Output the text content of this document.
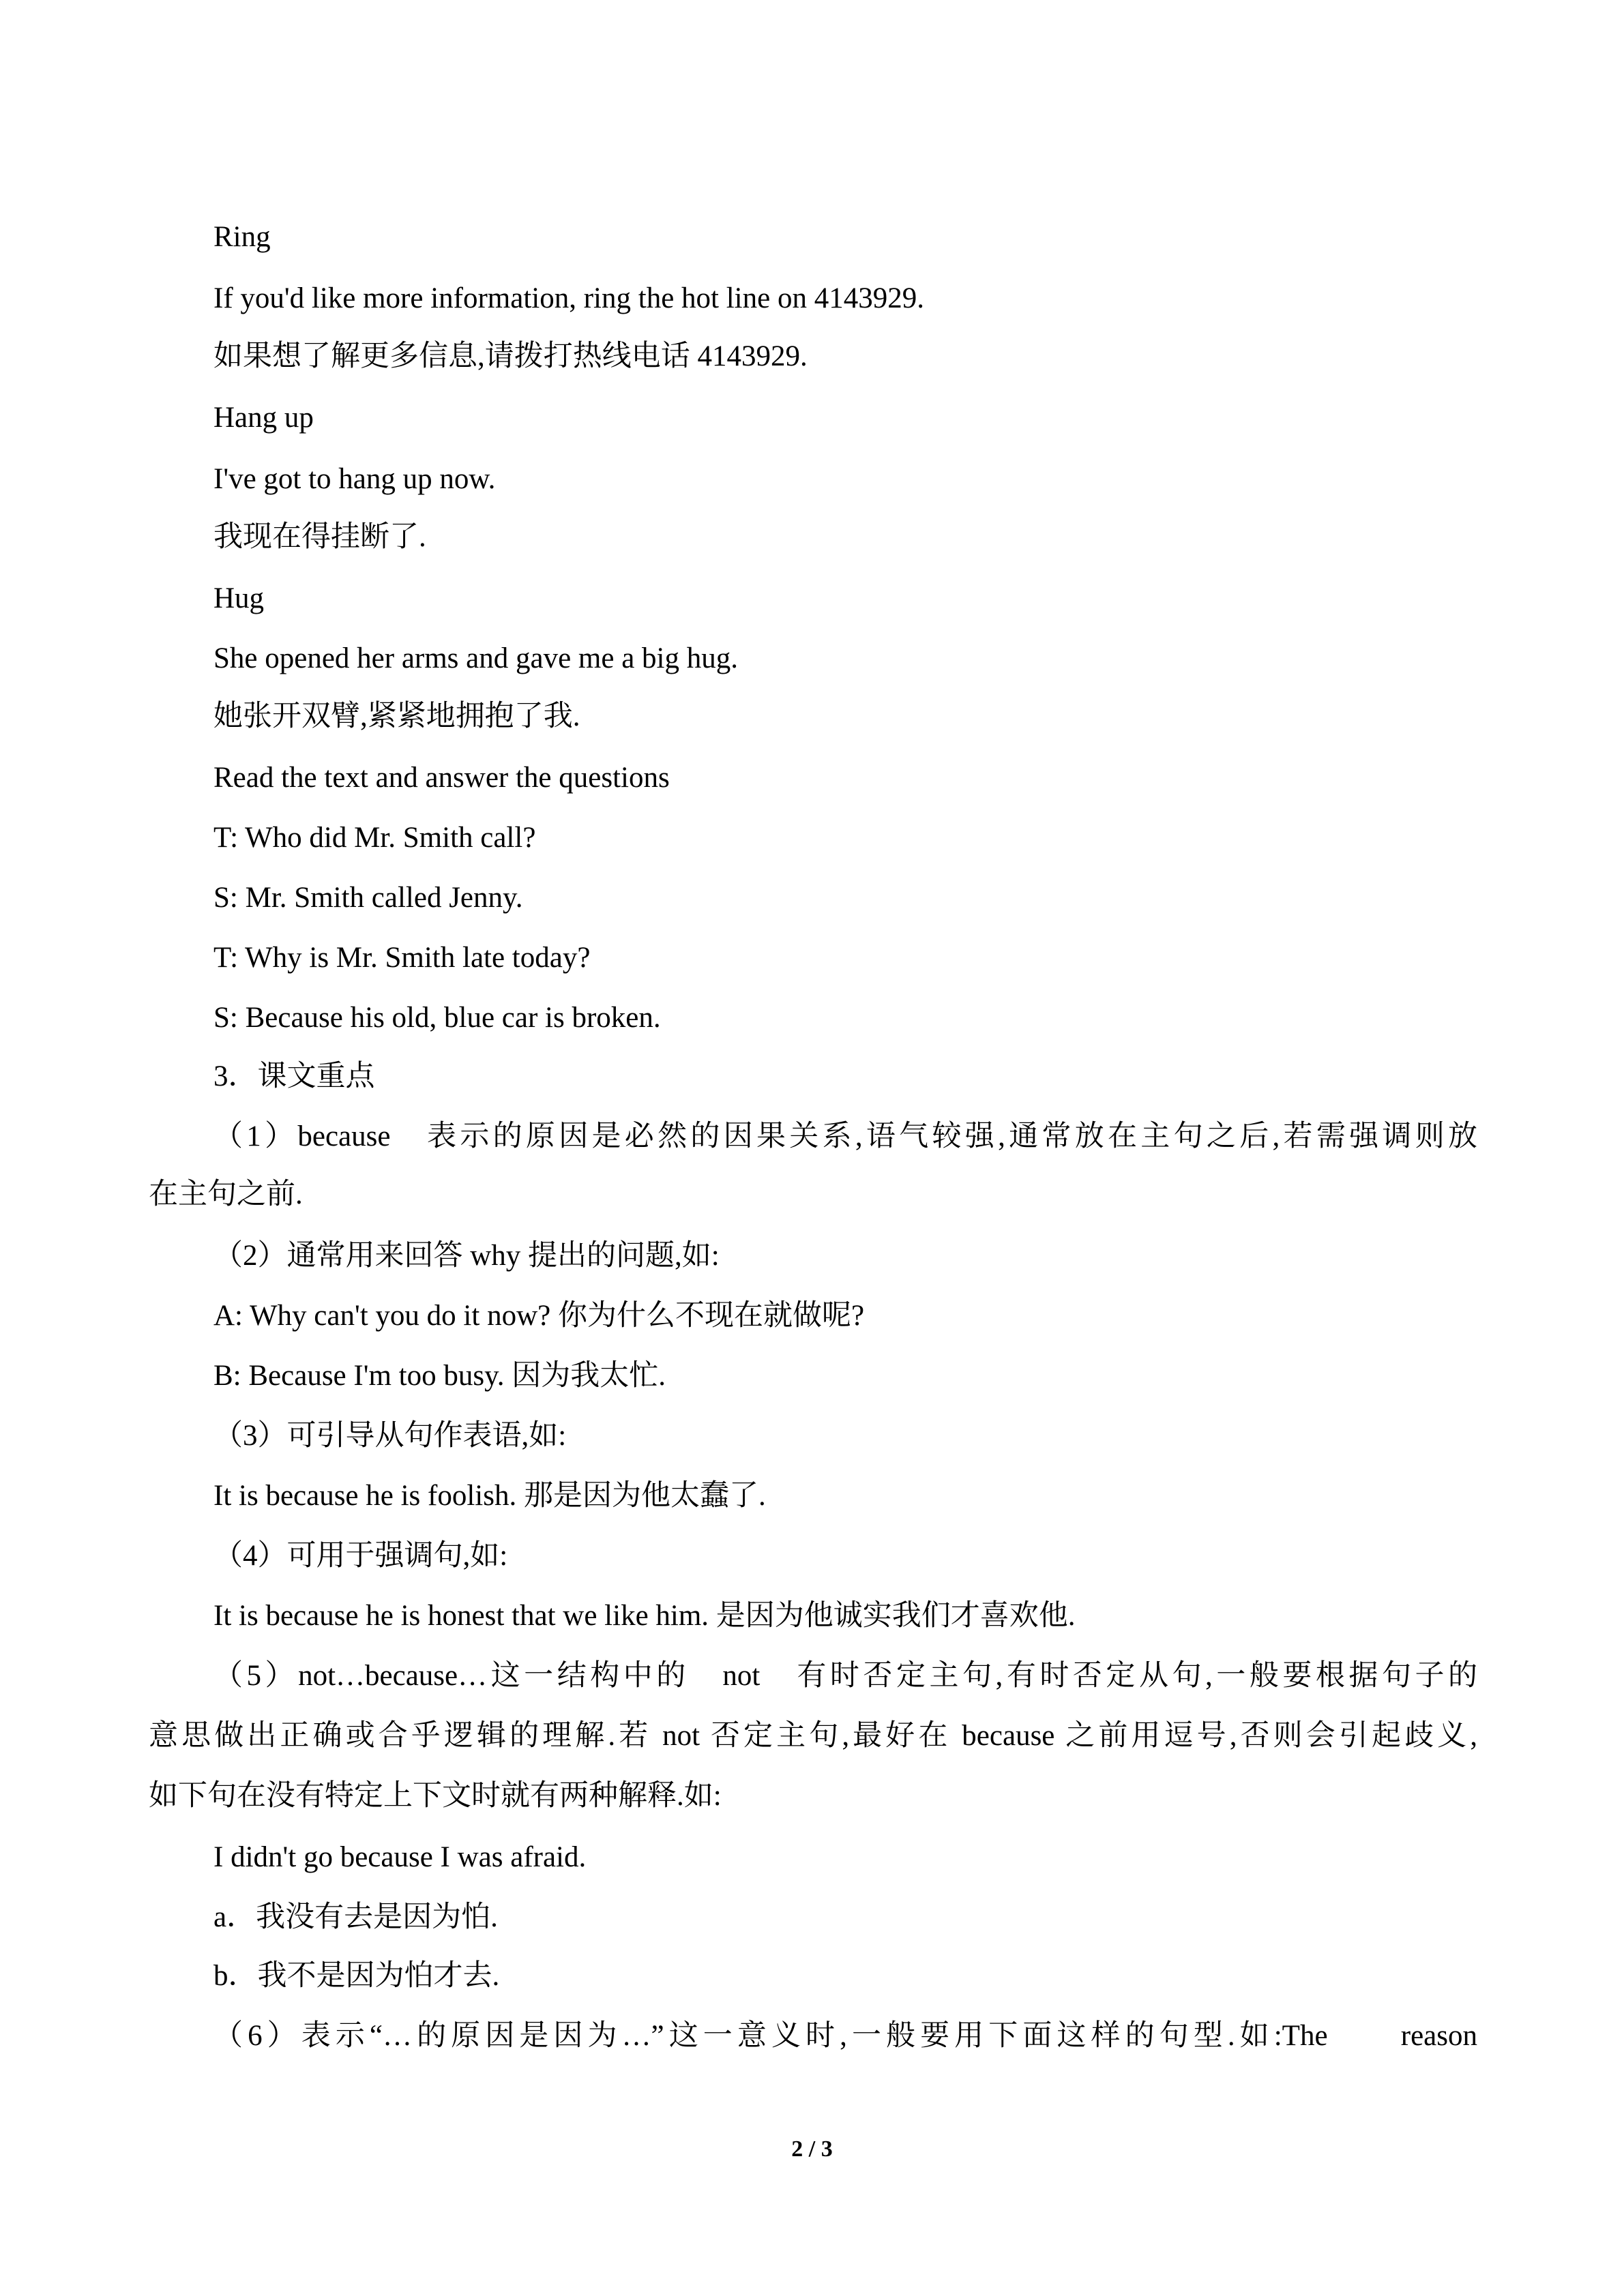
Ring
If you'd like more information, ring the hot line on 4143929.
如果想了解更多信息,请拨打热线电话 4143929.
Hang up
I've got to hang up now.
我现在得挂断了.
Hug
She opened her arms and gave me a big hug.
她张开双臂,紧紧地拥抱了我.
Read the text and answer the questions
T: Who did Mr. Smith call?
S: Mr. Smith called Jenny.
T: Why is Mr. Smith late today?
S: Because his old, blue car is broken.
3．课文重点
（1）because　表示的原因是必然的因果关系,语气较强,通常放在主句之后,若需强调则放
在主句之前.
（2）通常用来回答 why 提出的问题,如:
A: Why can't you do it now? 你为什么不现在就做呢?
B: Because I'm too busy. 因为我太忙.
（3）可引导从句作表语,如:
It is because he is foolish. 那是因为他太蠢了.
（4）可用于强调句,如:
It is because he is honest that we like him. 是因为他诚实我们才喜欢他.
（5）not…because…这一结构中的　not　有时否定主句,有时否定从句,一般要根据句子的
意思做出正确或合乎逻辑的理解.若 not 否定主句,最好在 because 之前用逗号,否则会引起歧义,
如下句在没有特定上下文时就有两种解释.如:
I didn't go because I was afraid.
a．我没有去是因为怕.
b．我不是因为怕才去.
（6）表示“…的原因是因为…”这一意义时,一般要用下面这样的句型.如:The　　reason
2 / 3
